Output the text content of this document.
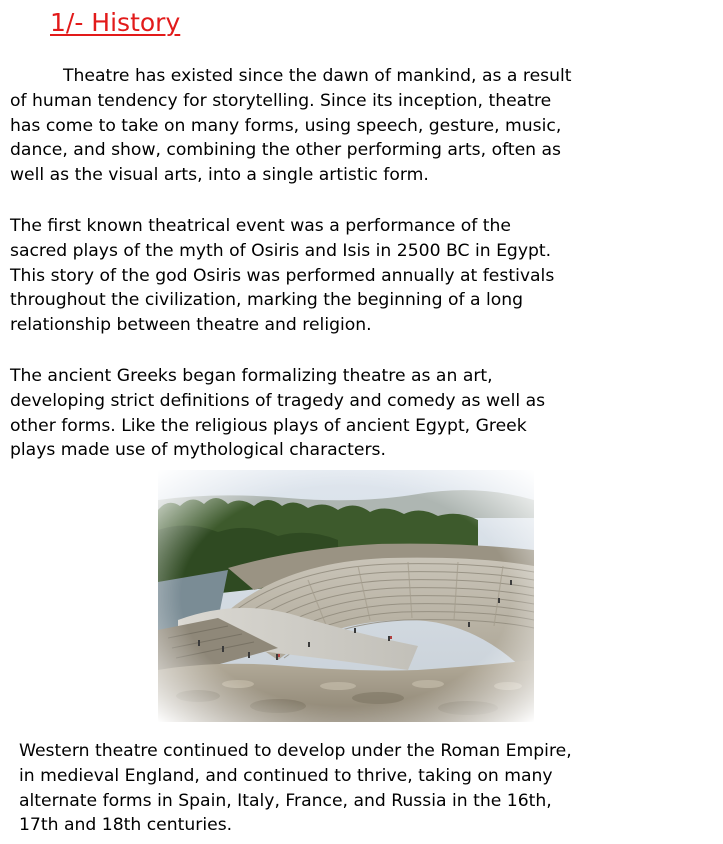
1/- History
Theatre has existed since the dawn of mankind, as a result
of human tendency for storytelling. Since its inception, theatre
has come to take on many forms, using speech, gesture, music,
dance, and show, combining the other performing arts, often as
well as the visual arts, into a single artistic form.
The first known theatrical event was a performance of the
sacred plays of the myth of Osiris and Isis in 2500 BC in Egypt.
This story of the god Osiris was performed annually at festivals
throughout the civilization, marking the beginning of a long
relationship between theatre and religion.
The ancient Greeks began formalizing theatre as an art,
developing strict definitions of tragedy and comedy as well as
other forms. Like the religious plays of ancient Egypt, Greek
plays made use of mythological characters.
Western theatre continued to develop under the Roman Empire,
in medieval England, and continued to thrive, taking on many
alternate forms in Spain, Italy, France, and Russia in the 16th,
17th and 18th centuries.
